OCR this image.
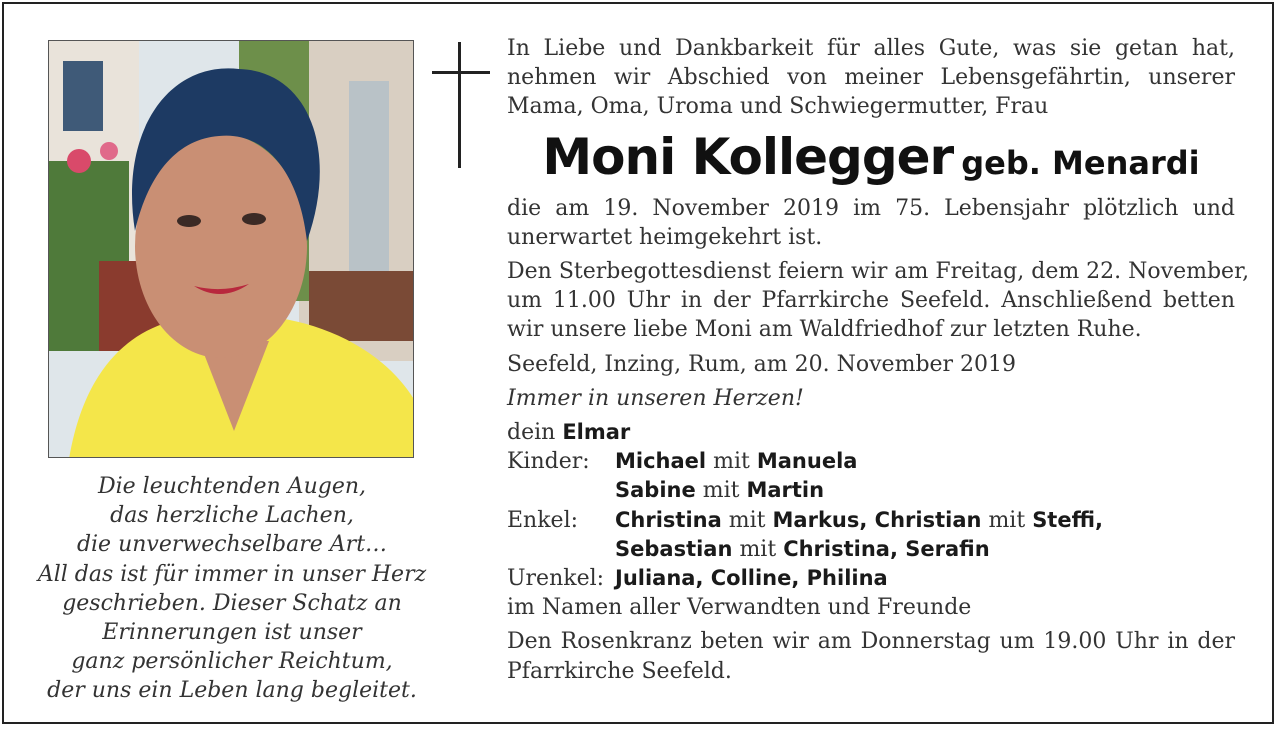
Die leuchtenden Augen,
das herzliche Lachen,
die unverwechselbare Art…
All das ist für immer in unser Herz
geschrieben. Dieser Schatz an
Erinnerungen ist unser
ganz persönlicher Reichtum,
der uns ein Leben lang begleitet.
In Liebe und Dankbarkeit für alles Gute, was sie getan hat,
nehmen wir Abschied von meiner Lebensgefährtin, unserer
Mama, Oma, Uroma und Schwiegermutter, Frau
Moni Kollegger geb. Menardi
die am 19. November 2019 im 75. Lebensjahr plötzlich und
unerwartet heimgekehrt ist.
Den Sterbegottesdienst feiern wir am Freitag, dem 22. November,
um 11.00 Uhr in der Pfarrkirche Seefeld. Anschließend betten
wir unsere liebe Moni am Waldfriedhof zur letzten Ruhe.
Seefeld, Inzing, Rum, am 20. November 2019
Immer in unseren Herzen!
dein
Elmar
Kinder:	Michael mit Manuela
Sabine mit Martin
Enkel:	Christina mit Markus, Christian mit Steffi,
Sebastian mit Christina, Serafin
Urenkel: Juliana, Colline, Philina
im Namen aller Verwandten und Freunde
Den Rosenkranz beten wir am Donnerstag um 19.00 Uhr in der
Pfarrkirche Seefeld.
